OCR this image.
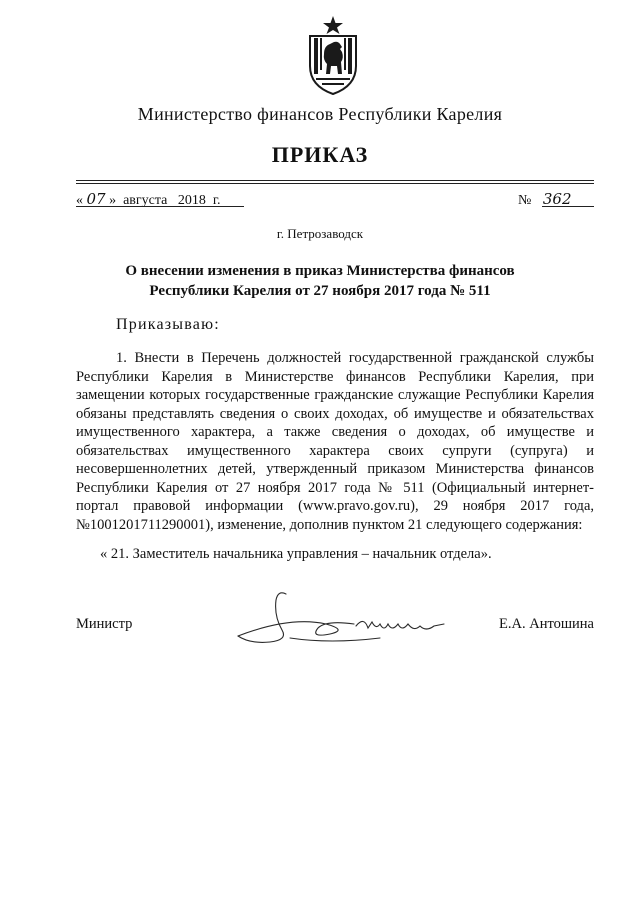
Министерство финансов Республики Карелия
ПРИКАЗ
« 07 » августа 2018 г.	№ 362
г. Петрозаводск
О внесении изменения в приказ Министерства финансов Республики Карелия от 27 ноября 2017 года № 511
Приказываю:

1. Внести в Перечень должностей государственной гражданской службы Республики Карелия в Министерстве финансов Республики Карелия, при замещении которых государственные гражданские служащие Республики Карелия обязаны представлять сведения о своих доходах, об имуществе и обязательствах имущественного характера, а также сведения о доходах, об имуществе и обязательствах имущественного характера своих супруги (супруга) и несовершеннолетних детей, утвержденный приказом Министерства финансов Республики Карелия от 27 ноября 2017 года № 511 (Официальный интернет-портал правовой информации (www.pravo.gov.ru), 29 ноября 2017 года, №1001201711290001), изменение, дополнив пунктом 21 следующего содержания:

« 21. Заместитель начальника управления – начальник отдела».
Министр	Е.А. Антошина
